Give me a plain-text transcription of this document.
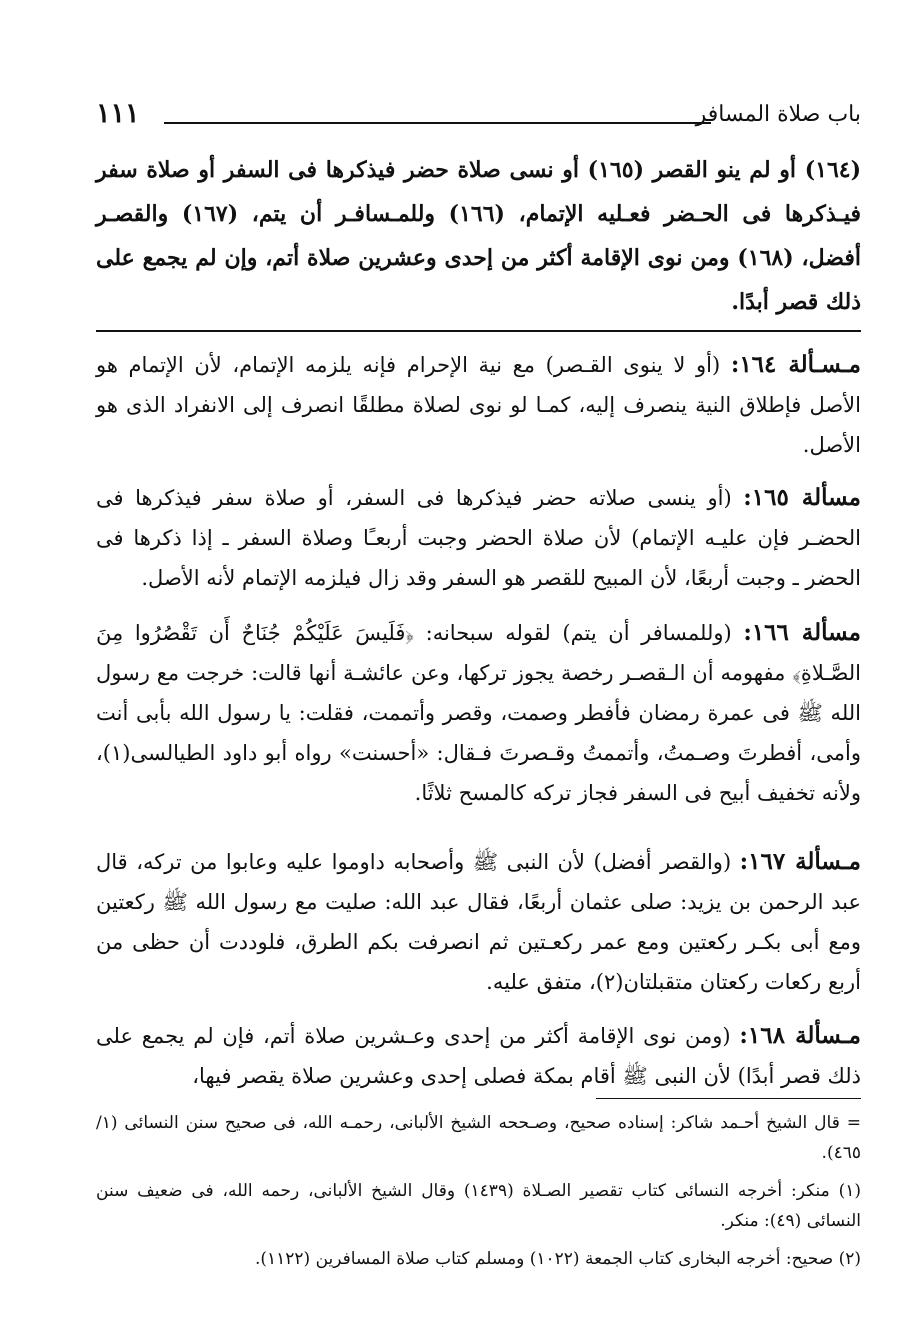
باب صلاة المسافر
١١١

(١٦٤) أو لم ينو القصر (١٦٥) أو نسى صلاة حضر فيذكرها فى السفر أو صلاة سفر فيـذكرها فى الحـضر فعـليه الإتمام، (١٦٦) وللمـسافـر أن يتم، (١٦٧) والقصـر أفضل، (١٦٨) ومن نوى الإقامة أكثر من إحدى وعشرين صلاة أتم، وإن لم يجمع على ذلك قصر أبدًا.

مـسـألة ١٦٤: (أو لا ينوى القـصر) مع نية الإحرام فإنه يلزمه الإتمام، لأن الإتمام هو الأصل فإطلاق النية ينصرف إليه، كمـا لو نوى لصلاة مطلقًا انصرف إلى الانفراد الذى هو الأصل.

مسألة ١٦٥: (أو ينسى صلاته حضر فيذكرها فى السفر، أو صلاة سفر فيذكرها فى الحضـر فإن عليـه الإتمام) لأن صلاة الحضر وجبت أربعـًا وصلاة السفر ـ إذا ذكرها فى الحضر ـ وجبت أربعًا، لأن المبيح للقصر هو السفر وقد زال فيلزمه الإتمام لأنه الأصل.

مسألة ١٦٦: (وللمسافر أن يتم) لقوله سبحانه: ﴿فَلَيسَ عَلَيْكُمْ جُنَاحٌ أَن تَقْصُرُوا مِنَ الصَّـلاةِ﴾ مفهومه أن الـقصـر رخصة يجوز تركها، وعن عائشـة أنها قالت: خرجت مع رسول الله ﷺ فى عمرة رمضان فأفطر وصمت، وقصر وأتممت، فقلت: يا رسول الله بأبى أنت وأمى، أفطرتَ وصـمتُ، وأتممتُ وقـصرتَ فـقال: «أحسنت» رواه أبو داود الطيالسى(١)، ولأنه تخفيف أبيح فى السفر فجاز تركه كالمسح ثلاثًا.

مـسألة ١٦٧: (والقصر أفضل) لأن النبى ﷺ وأصحابه داوموا عليه وعابوا من تركه، قال عبد الرحمن بن يزيد: صلى عثمان أربعًا، فقال عبد الله: صليت مع رسول الله ﷺ ركعتين ومع أبى بكـر ركعتين ومع عمر ركعـتين ثم انصرفت بكم الطرق، فلوددت أن حظى من أربع ركعات ركعتان متقبلتان(٢)، متفق عليه.

مـسألة ١٦٨: (ومن نوى الإقامة أكثر من إحدى وعـشرين صلاة أتم، فإن لم يجمع على ذلك قصر أبدًا) لأن النبى ﷺ أقام بمكة فصلى إحدى وعشرين صلاة يقصر فيها،

= قال الشيخ أحـمد شاكر: إسناده صحيح، وصـححه الشيخ الألبانى، رحمـه الله، فى صحيح سنن النسائى (١/ ٤٦٥).

(١) منكر: أخرجه النسائى كتاب تقصير الصـلاة (١٤٣٩) وقال الشيخ الألبانى، رحمه الله، فى ضعيف سنن النسائى (٤٩): منكر.

(٢) صحيح: أخرجه البخارى كتاب الجمعة (١٠٢٢) ومسلم كتاب صلاة المسافرين (١١٢٢).
